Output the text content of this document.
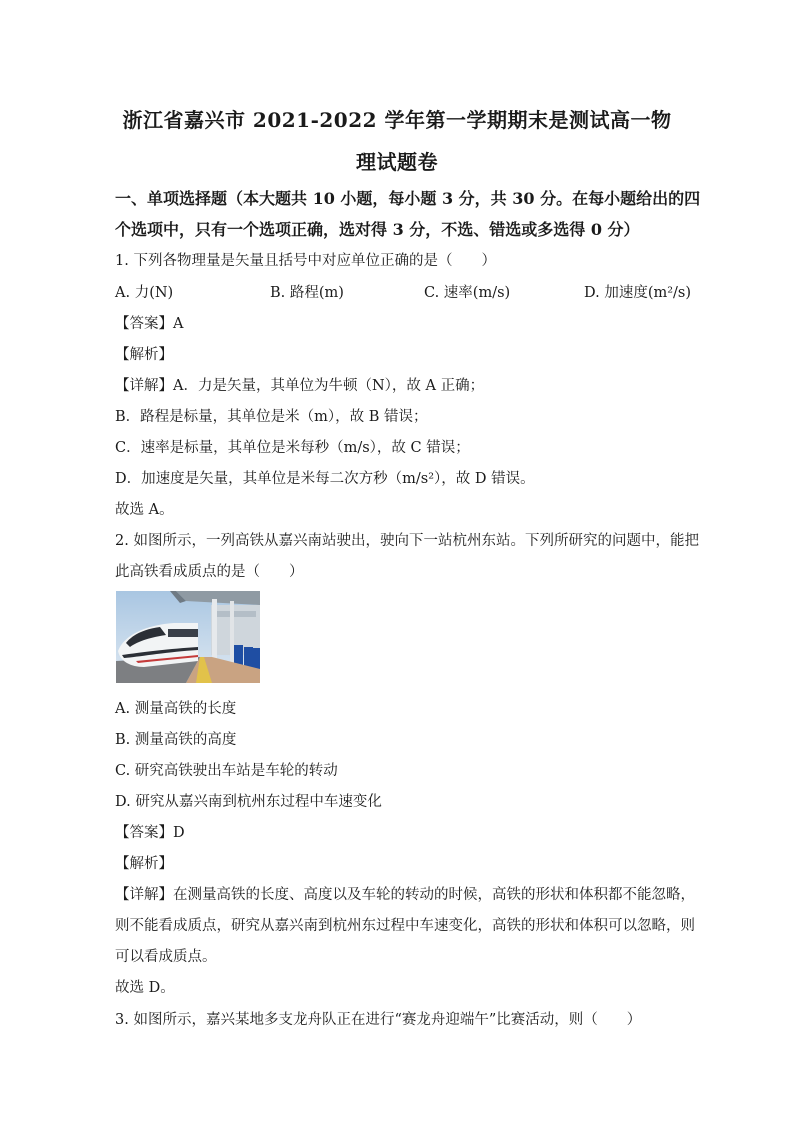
浙江省嘉兴市 2021-2022 学年第一学期期末是测试高一物
理试题卷
一、单项选择题（本大题共 10 小题，每小题 3 分，共 30 分。在每小题给出的四
个选项中，只有一个选项正确，选对得 3 分，不选、错选或多选得 0 分）
1. 下列各物理量是矢量且括号中对应单位正确的是（　　）
A. 力(N)	B. 路程(m)	C. 速率(m/s)	D. 加速度(m²/s)
【答案】A
【解析】
【详解】A．力是矢量，其单位为牛顿（N），故 A 正确；
B．路程是标量，其单位是米（m），故 B 错误；
C．速率是标量，其单位是米每秒（m/s），故 C 错误；
D．加速度是矢量，其单位是米每二次方秒（m/s²），故 D 错误。
故选 A。
2. 如图所示，一列高铁从嘉兴南站驶出，驶向下一站杭州东站。下列所研究的问题中，能把
此高铁看成质点的是（　　）
A. 测量高铁的长度
B. 测量高铁的高度
C. 研究高铁驶出车站是车轮的转动
D. 研究从嘉兴南到杭州东过程中车速变化
【答案】D
【解析】
【详解】在测量高铁的长度、高度以及车轮的转动的时候，高铁的形状和体积都不能忽略，
则不能看成质点，研究从嘉兴南到杭州东过程中车速变化，高铁的形状和体积可以忽略，则
可以看成质点。
故选 D。
3. 如图所示，嘉兴某地多支龙舟队正在进行“赛龙舟迎端午”比赛活动，则（　　）
